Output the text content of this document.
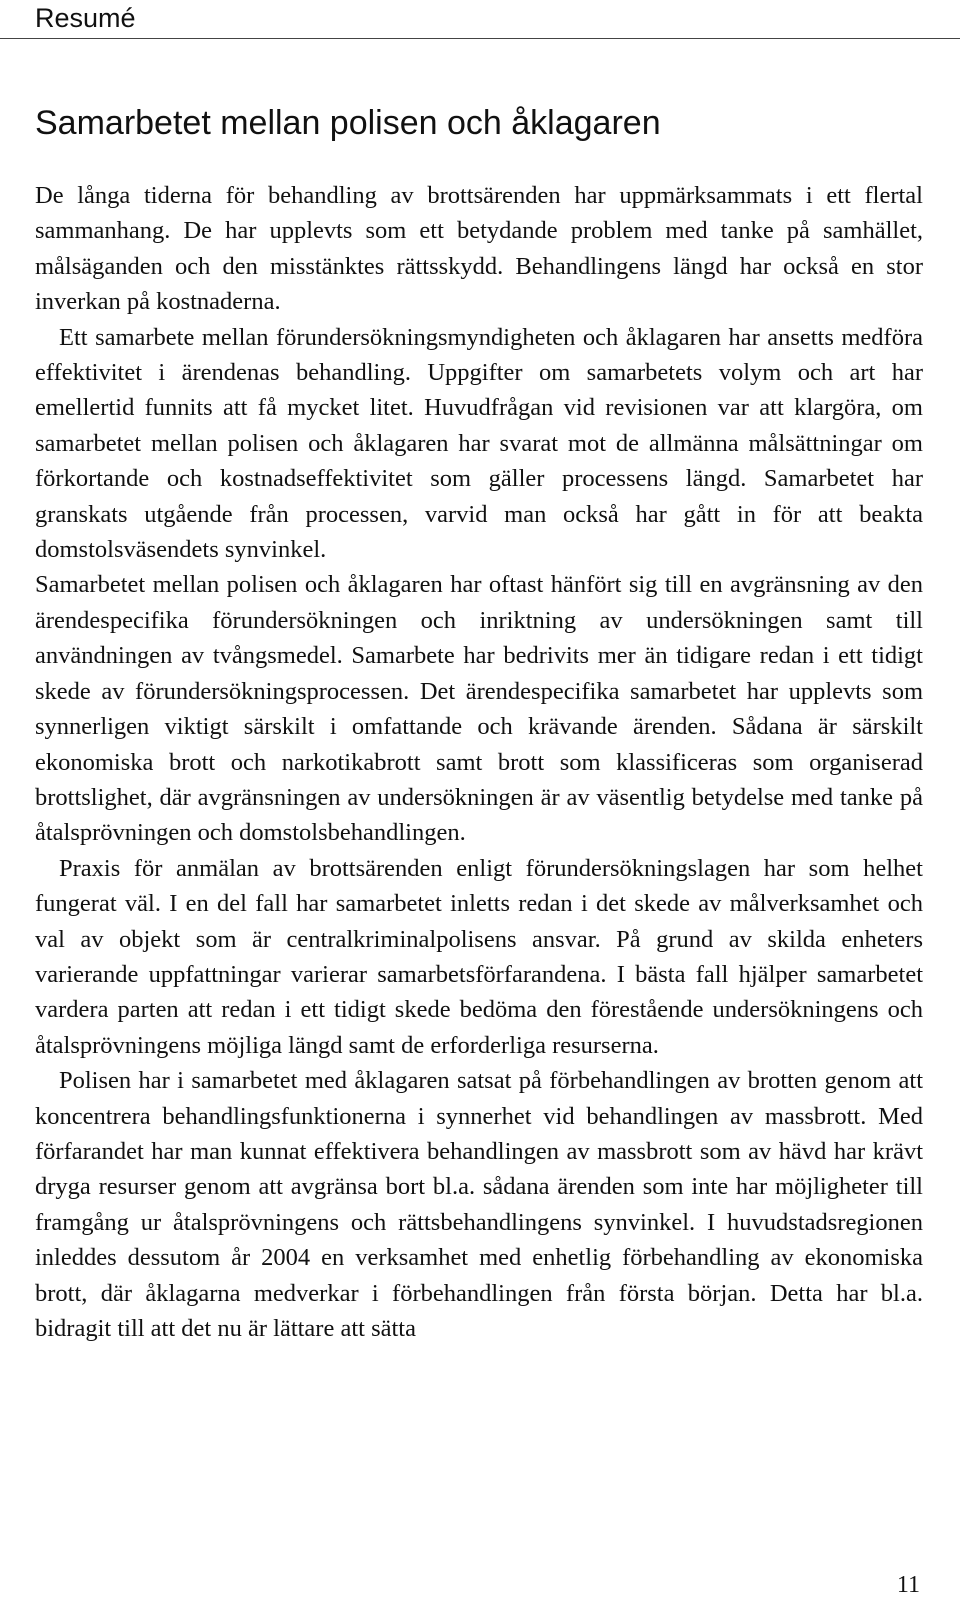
Resumé
Samarbetet mellan polisen och åklagaren

De långa tiderna för behandling av brottsärenden har uppmärksammats i ett flertal sammanhang. De har upplevts som ett betydande problem med tanke på samhället, målsäganden och den misstänktes rättsskydd. Behandlingens längd har också en stor inverkan på kostnaderna.

Ett samarbete mellan förundersökningsmyndigheten och åklagaren har ansetts medföra effektivitet i ärendenas behandling. Uppgifter om samarbetets volym och art har emellertid funnits att få mycket litet. Huvudfrågan vid revisionen var att klargöra, om samarbetet mellan polisen och åklagaren har svarat mot de allmänna målsättningar om förkortande och kostnadseffektivitet som gäller processens längd. Samarbetet har granskats utgående från processen, varvid man också har gått in för att beakta domstolsväsendets synvinkel.

Samarbetet mellan polisen och åklagaren har oftast hänfört sig till en avgränsning av den ärendespecifika förundersökningen och inriktning av undersökningen samt till användningen av tvångsmedel. Samarbete har bedrivits mer än tidigare redan i ett tidigt skede av förundersökningsprocessen. Det ärendespecifika samarbetet har upplevts som synnerligen viktigt särskilt i omfattande och krävande ärenden. Sådana är särskilt ekonomiska brott och narkotikabrott samt brott som klassificeras som organiserad brottslighet, där avgränsningen av undersökningen är av väsentlig betydelse med tanke på åtalsprövningen och domstolsbehandlingen.

Praxis för anmälan av brottsärenden enligt förundersökningslagen har som helhet fungerat väl. I en del fall har samarbetet inletts redan i det skede av målverksamhet och val av objekt som är centralkriminalpolisens ansvar. På grund av skilda enheters varierande uppfattningar varierar samarbetsförfarandena. I bästa fall hjälper samarbetet vardera parten att redan i ett tidigt skede bedöma den förestående undersökningens och åtalsprövningens möjliga längd samt de erforderliga resurserna.

Polisen har i samarbetet med åklagaren satsat på förbehandlingen av brotten genom att koncentrera behandlingsfunktionerna i synnerhet vid behandlingen av massbrott. Med förfarandet har man kunnat effektivera behandlingen av massbrott som av hävd har krävt dryga resurser genom att avgränsa bort bl.a. sådana ärenden som inte har möjligheter till framgång ur åtalsprövningens och rättsbehandlingens synvinkel. I huvudstadsregionen inleddes dessutom år 2004 en verksamhet med enhetlig förbehandling av ekonomiska brott, där åklagarna medverkar i förbehandlingen från första början. Detta har bl.a. bidragit till att det nu är lättare att sätta

11
